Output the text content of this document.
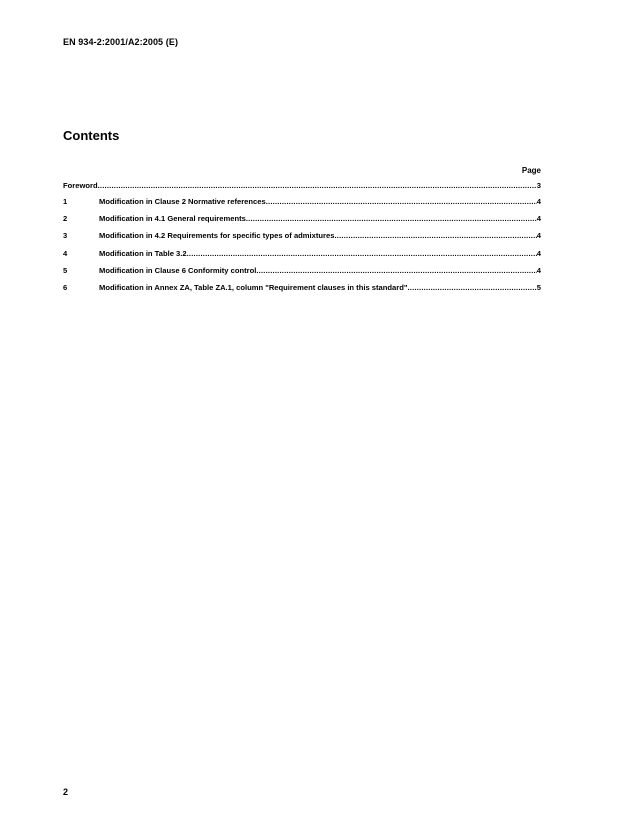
EN 934-2:2001/A2:2005 (E)
Contents
Page
Foreword .....	3
1	Modification in Clause 2 Normative references .....	4
2	Modification in 4.1 General requirements .....	4
3	Modification in 4.2 Requirements for specific types of admixtures .....	4
4	Modification in Table 3.2 .....	4
5	Modification in Clause 6 Conformity control .....	4
6	Modification in Annex ZA, Table ZA.1, column "Requirement clauses in this standard" .....	5
2
